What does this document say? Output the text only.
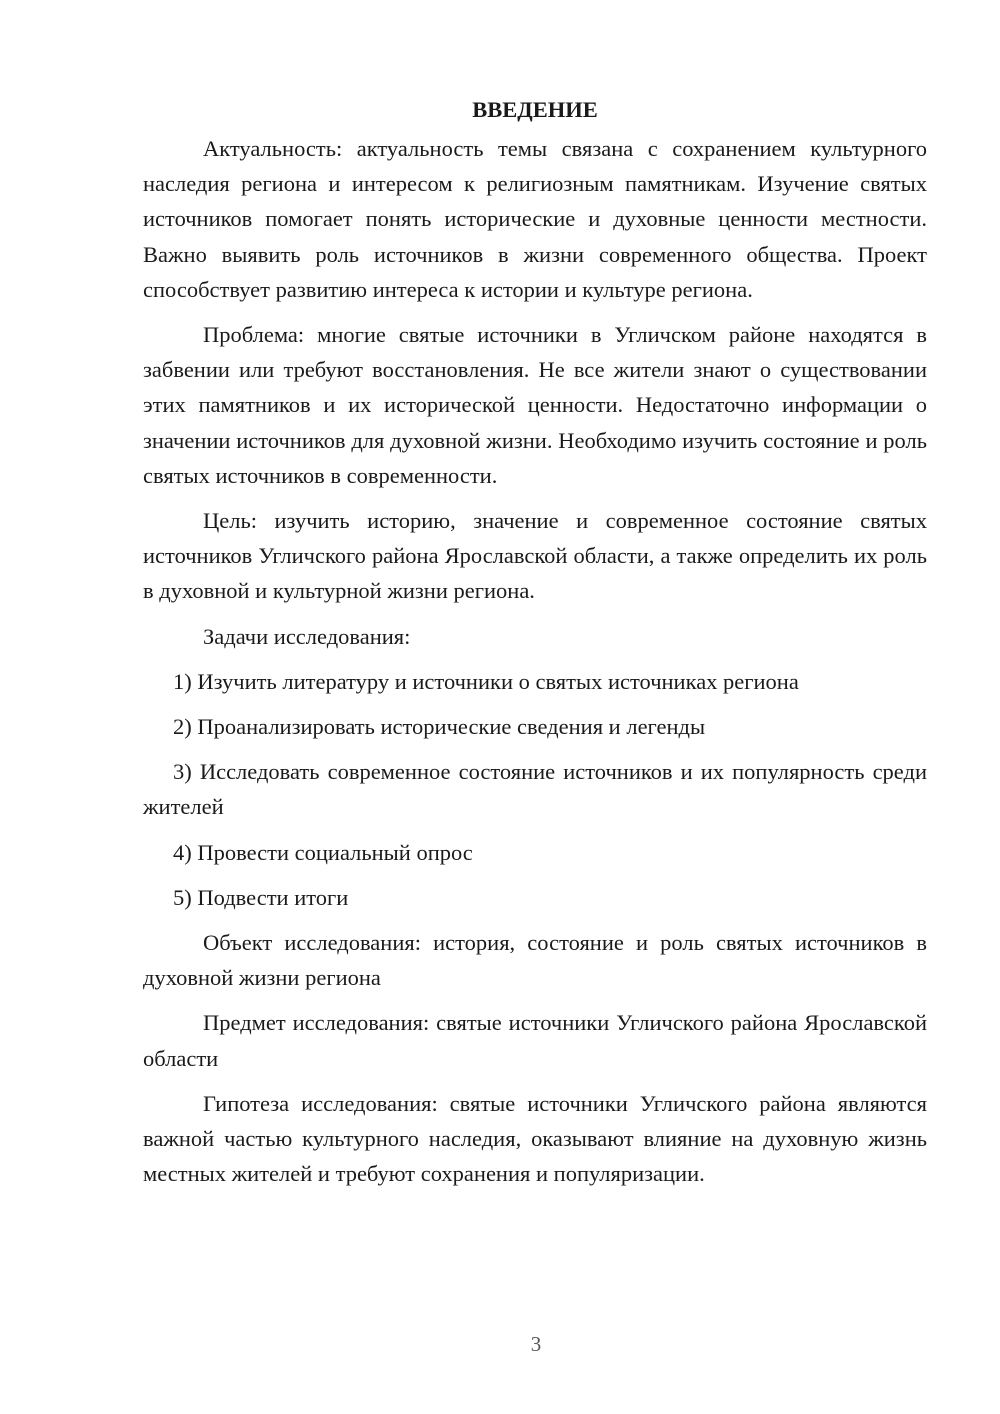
ВВЕДЕНИЕ

Актуальность: актуальность темы связана с сохранением культурного наследия региона и интересом к религиозным памятникам. Изучение святых источников помогает понять исторические и духовные ценности местности. Важно выявить роль источников в жизни современного общества. Проект способствует развитию интереса к истории и культуре региона.

Проблема: многие святые источники в Угличском районе находятся в забвении или требуют восстановления. Не все жители знают о существовании этих памятников и их исторической ценности. Недостаточно информации о значении источников для духовной жизни. Необходимо изучить состояние и роль святых источников в современности.

Цель: изучить историю, значение и современное состояние святых источников Угличского района Ярославской области, а также определить их роль в духовной и культурной жизни региона.

Задачи исследования:

1) Изучить литературу и источники о святых источниках региона

2) Проанализировать исторические сведения и легенды

3) Исследовать современное состояние источников и их популярность среди жителей

4) Провести социальный опрос

5) Подвести итоги

Объект исследования: история, состояние и роль святых источников в духовной жизни региона

Предмет исследования: святые источники Угличского района Ярославской области

Гипотеза исследования: святые источники Угличского района являются важной частью культурного наследия, оказывают влияние на духовную жизнь местных жителей и требуют сохранения и популяризации.

3
